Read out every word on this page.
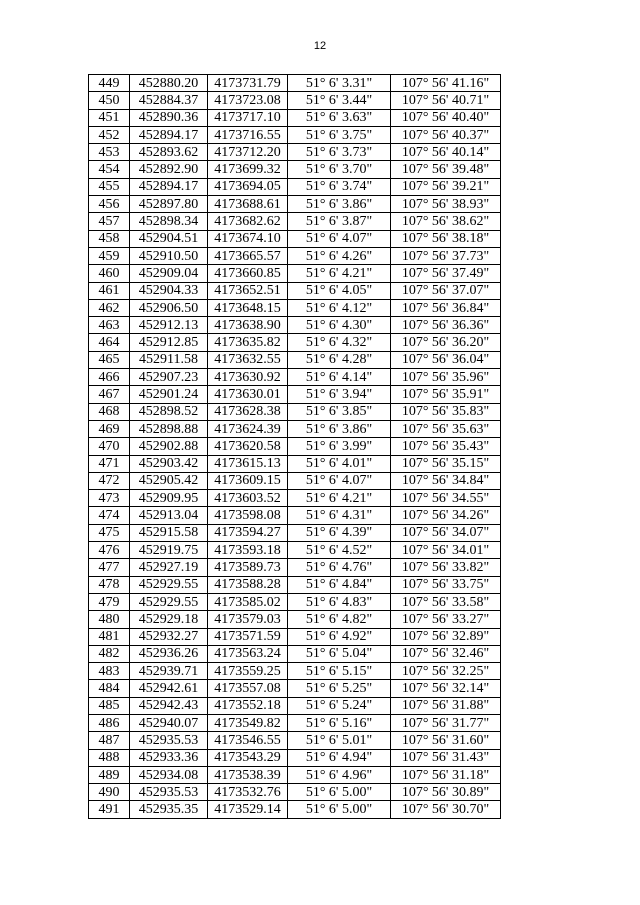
12
449	452880.20	4173731.79	51° 6' 3.31"	107° 56' 41.16"
450	452884.37	4173723.08	51° 6' 3.44"	107° 56' 40.71"
451	452890.36	4173717.10	51° 6' 3.63"	107° 56' 40.40"
452	452894.17	4173716.55	51° 6' 3.75"	107° 56' 40.37"
453	452893.62	4173712.20	51° 6' 3.73"	107° 56' 40.14"
454	452892.90	4173699.32	51° 6' 3.70"	107° 56' 39.48"
455	452894.17	4173694.05	51° 6' 3.74"	107° 56' 39.21"
456	452897.80	4173688.61	51° 6' 3.86"	107° 56' 38.93"
457	452898.34	4173682.62	51° 6' 3.87"	107° 56' 38.62"
458	452904.51	4173674.10	51° 6' 4.07"	107° 56' 38.18"
459	452910.50	4173665.57	51° 6' 4.26"	107° 56' 37.73"
460	452909.04	4173660.85	51° 6' 4.21"	107° 56' 37.49"
461	452904.33	4173652.51	51° 6' 4.05"	107° 56' 37.07"
462	452906.50	4173648.15	51° 6' 4.12"	107° 56' 36.84"
463	452912.13	4173638.90	51° 6' 4.30"	107° 56' 36.36"
464	452912.85	4173635.82	51° 6' 4.32"	107° 56' 36.20"
465	452911.58	4173632.55	51° 6' 4.28"	107° 56' 36.04"
466	452907.23	4173630.92	51° 6' 4.14"	107° 56' 35.96"
467	452901.24	4173630.01	51° 6' 3.94"	107° 56' 35.91"
468	452898.52	4173628.38	51° 6' 3.85"	107° 56' 35.83"
469	452898.88	4173624.39	51° 6' 3.86"	107° 56' 35.63"
470	452902.88	4173620.58	51° 6' 3.99"	107° 56' 35.43"
471	452903.42	4173615.13	51° 6' 4.01"	107° 56' 35.15"
472	452905.42	4173609.15	51° 6' 4.07"	107° 56' 34.84"
473	452909.95	4173603.52	51° 6' 4.21"	107° 56' 34.55"
474	452913.04	4173598.08	51° 6' 4.31"	107° 56' 34.26"
475	452915.58	4173594.27	51° 6' 4.39"	107° 56' 34.07"
476	452919.75	4173593.18	51° 6' 4.52"	107° 56' 34.01"
477	452927.19	4173589.73	51° 6' 4.76"	107° 56' 33.82"
478	452929.55	4173588.28	51° 6' 4.84"	107° 56' 33.75"
479	452929.55	4173585.02	51° 6' 4.83"	107° 56' 33.58"
480	452929.18	4173579.03	51° 6' 4.82"	107° 56' 33.27"
481	452932.27	4173571.59	51° 6' 4.92"	107° 56' 32.89"
482	452936.26	4173563.24	51° 6' 5.04"	107° 56' 32.46"
483	452939.71	4173559.25	51° 6' 5.15"	107° 56' 32.25"
484	452942.61	4173557.08	51° 6' 5.25"	107° 56' 32.14"
485	452942.43	4173552.18	51° 6' 5.24"	107° 56' 31.88"
486	452940.07	4173549.82	51° 6' 5.16"	107° 56' 31.77"
487	452935.53	4173546.55	51° 6' 5.01"	107° 56' 31.60"
488	452933.36	4173543.29	51° 6' 4.94"	107° 56' 31.43"
489	452934.08	4173538.39	51° 6' 4.96"	107° 56' 31.18"
490	452935.53	4173532.76	51° 6' 5.00"	107° 56' 30.89"
491	452935.35	4173529.14	51° 6' 5.00"	107° 56' 30.70"
